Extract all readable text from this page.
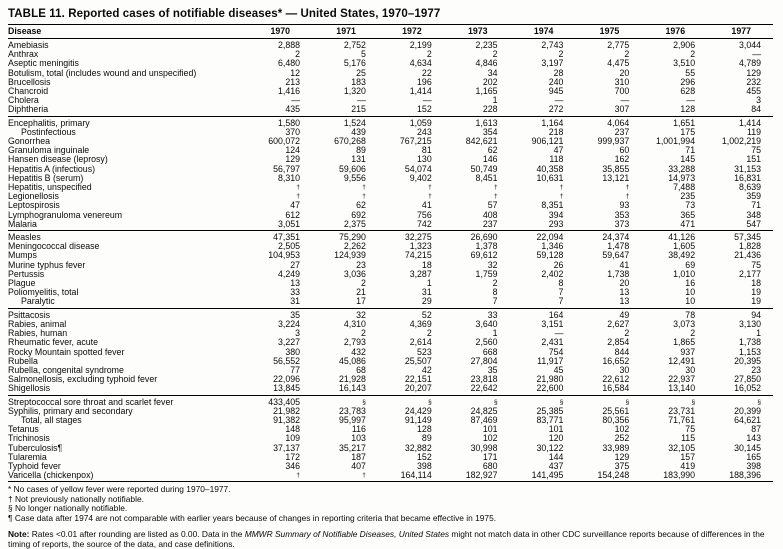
TABLE 11. Reported cases of notifiable diseases* — United States, 1970–1977
Disease	1970	1971	1972	1973	1974	1975	1976	1977
Amebiasis	2,888	2,752	2,199	2,235	2,743	2,775	2,906	3,044
Anthrax	2	5	2	2	2	2	2	—
Aseptic meningitis	6,480	5,176	4,634	4,846	3,197	4,475	3,510	4,789
Botulism, total (includes wound and unspecified)	12	25	22	34	28	20	55	129
Brucellosis	213	183	196	202	240	310	296	232
Chancroid	1,416	1,320	1,414	1,165	945	700	628	455
Cholera	—	—	—	1	—	—	—	3
Diphtheria	435	215	152	228	272	307	128	84
Encephalitis, primary	1,580	1,524	1,059	1,613	1,164	4,064	1,651	1,414
Postinfectious	370	439	243	354	218	237	175	119
Gonorrhea	600,072	670,268	767,215	842,621	906,121	999,937	1,001,994	1,002,219
Granuloma inguinale	124	89	81	62	47	60	71	75
Hansen disease (leprosy)	129	131	130	146	118	162	145	151
Hepatitis A (infectious)	56,797	59,606	54,074	50,749	40,358	35,855	33,288	31,153
Hepatitis B (serum)	8,310	9,556	9,402	8,451	10,631	13,121	14,973	16,831
Hepatitis, unspecified	†	†	†	†	†	†	7,488	8,639
Legionellosis	†	†	†	†	†	†	235	359
Leptospirosis	47	62	41	57	8,351	93	73	71
Lymphogranuloma venereum	612	692	756	408	394	353	365	348
Malaria	3,051	2,375	742	237	293	373	471	547
Measles	47,351	75,290	32,275	26,690	22,094	24,374	41,126	57,345
Meningococcal disease	2,505	2,262	1,323	1,378	1,346	1,478	1,605	1,828
Mumps	104,953	124,939	74,215	69,612	59,128	59,647	38,492	21,436
Murine typhus fever	27	23	18	32	26	41	69	75
Pertussis	4,249	3,036	3,287	1,759	2,402	1,738	1,010	2,177
Plague	13	2	1	2	8	20	16	18
Poliomyelitis, total	33	21	31	8	7	13	10	19
Paralytic	31	17	29	7	7	13	10	19
Psittacosis	35	32	52	33	164	49	78	94
Rabies, animal	3,224	4,310	4,369	3,640	3,151	2,627	3,073	3,130
Rabies, human	3	2	2	1	—	2	2	1
Rheumatic fever, acute	3,227	2,793	2,614	2,560	2,431	2,854	1,865	1,738
Rocky Mountain spotted fever	380	432	523	668	754	844	937	1,153
Rubella	56,552	45,086	25,507	27,804	11,917	16,652	12,491	20,395
Rubella, congenital syndrome	77	68	42	35	45	30	30	23
Salmonellosis, excluding typhoid fever	22,096	21,928	22,151	23,818	21,980	22,612	22,937	27,850
Shigellosis	13,845	16,143	20,207	22,642	22,600	16,584	13,140	16,052
Streptococcal sore throat and scarlet fever	433,405	§	§	§	§	§	§	§
Syphilis, primary and secondary	21,982	23,783	24,429	24,825	25,385	25,561	23,731	20,399
Total, all stages	91,382	95,997	91,149	87,469	83,771	80,356	71,761	64,621
Tetanus	148	116	128	101	101	102	75	87
Trichinosis	109	103	89	102	120	252	115	143
Tuberculosis¶	37,137	35,217	32,882	30,998	30,122	33,989	32,105	30,145
Tularemia	172	187	152	171	144	129	157	165
Typhoid fever	346	407	398	680	437	375	419	398
Varicella (chickenpox)	†	†	164,114	182,927	141,495	154,248	183,990	188,396
* No cases of yellow fever were reported during 1970–1977.
† Not previously nationally notifiable.
§ No longer nationally notifiable.
¶ Case data after 1974 are not comparable with earlier years because of changes in reporting criteria that became effective in 1975.
Note: Rates <0.01 after rounding are listed as 0.00. Data in the MMWR Summary of Notifiable Diseases, United States might not match data in other CDC surveillance reports because of differences in the timing of reports, the source of the data, and case definitions.
